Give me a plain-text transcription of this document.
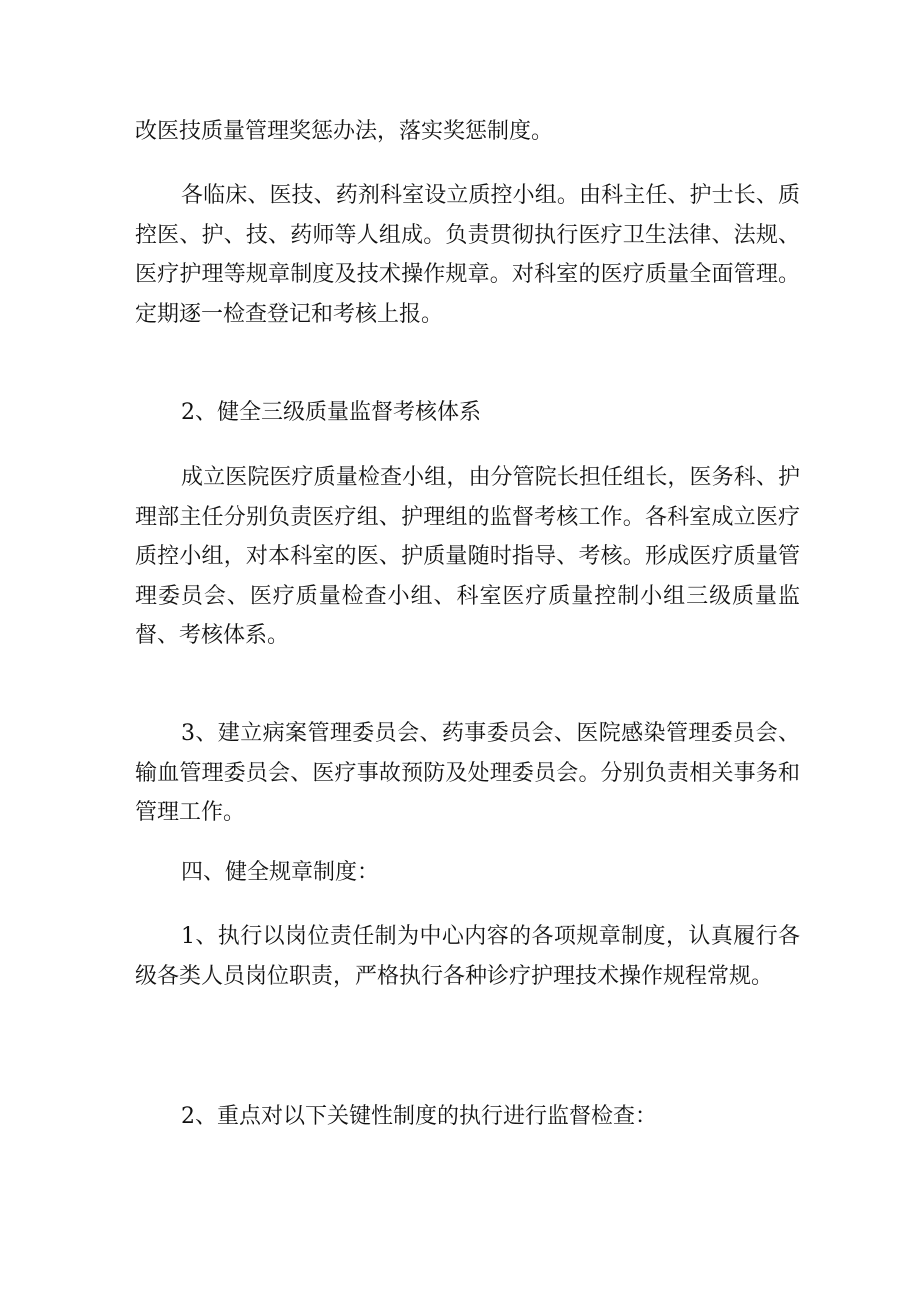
改医技质量管理奖惩办法，落实奖惩制度。

各临床、医技、药剂科室设立质控小组。由科主任、护士长、质控医、护、技、药师等人组成。负责贯彻执行医疗卫生法律、法规、医疗护理等规章制度及技术操作规章。对科室的医疗质量全面管理。定期逐一检查登记和考核上报。

2、健全三级质量监督考核体系

成立医院医疗质量检查小组，由分管院长担任组长，医务科、护理部主任分别负责医疗组、护理组的监督考核工作。各科室成立医疗质控小组，对本科室的医、护质量随时指导、考核。形成医疗质量管理委员会、医疗质量检查小组、科室医疗质量控制小组三级质量监督、考核体系。

3、建立病案管理委员会、药事委员会、医院感染管理委员会、输血管理委员会、医疗事故预防及处理委员会。分别负责相关事务和管理工作。

四、健全规章制度：

1、执行以岗位责任制为中心内容的各项规章制度，认真履行各级各类人员岗位职责，严格执行各种诊疗护理技术操作规程常规。

2、重点对以下关键性制度的执行进行监督检查：
